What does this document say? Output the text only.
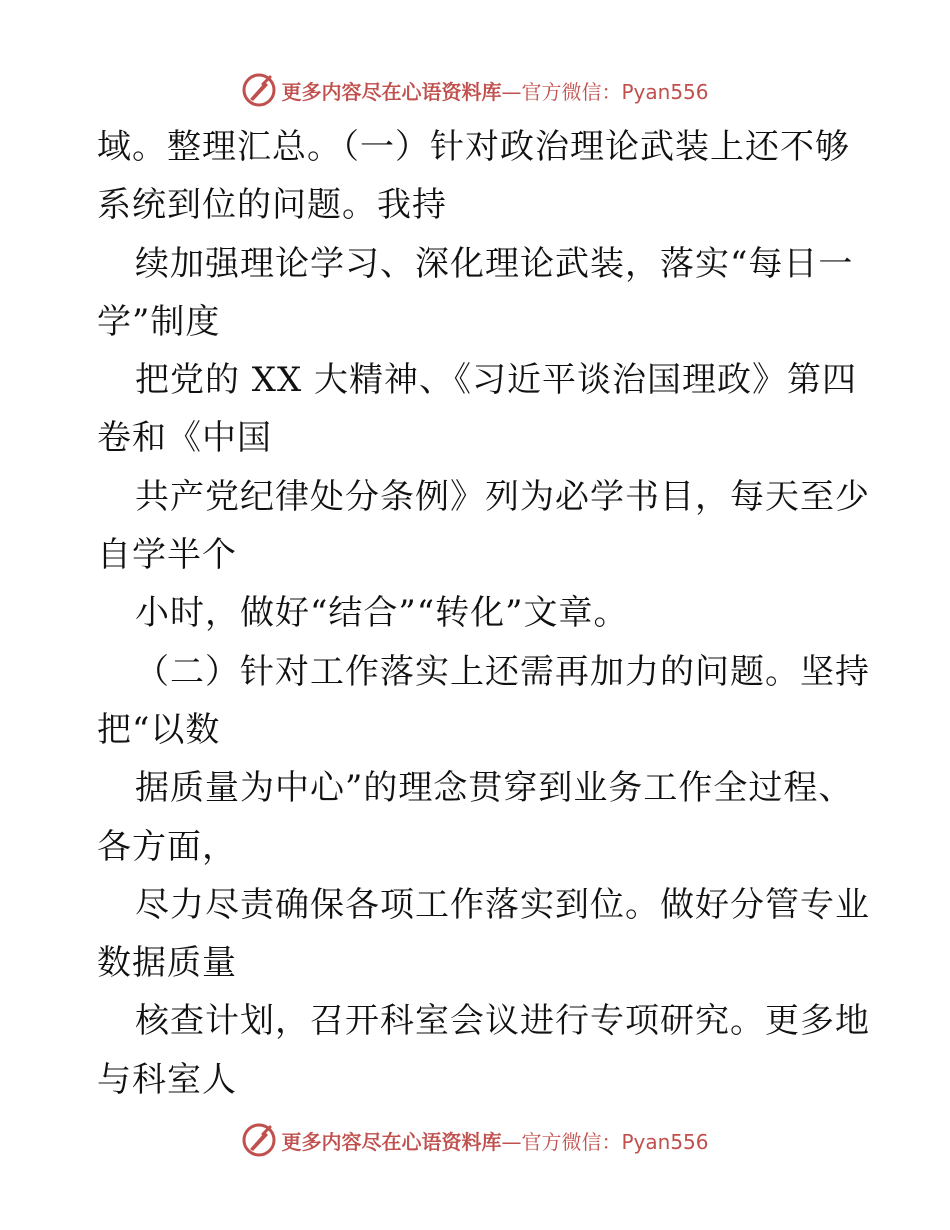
更多内容尽在心语资料库—官方微信：Pyan556
域。整理汇总。（一）针对政治理论武装上还不够
系统到位的问题。我持
续加强理论学习、深化理论武装，落实“每日一
学”制度
把党的 XX 大精神、《习近平谈治国理政》第四
卷和《中国
共产党纪律处分条例》列为必学书目，每天至少
自学半个
小时，做好“结合”“转化”文章。
（二）针对工作落实上还需再加力的问题。坚持
把“以数
据质量为中心”的理念贯穿到业务工作全过程、
各方面，
尽力尽责确保各项工作落实到位。做好分管专业
数据质量
核查计划，召开科室会议进行专项研究。更多地
与科室人
更多内容尽在心语资料库—官方微信：Pyan556
